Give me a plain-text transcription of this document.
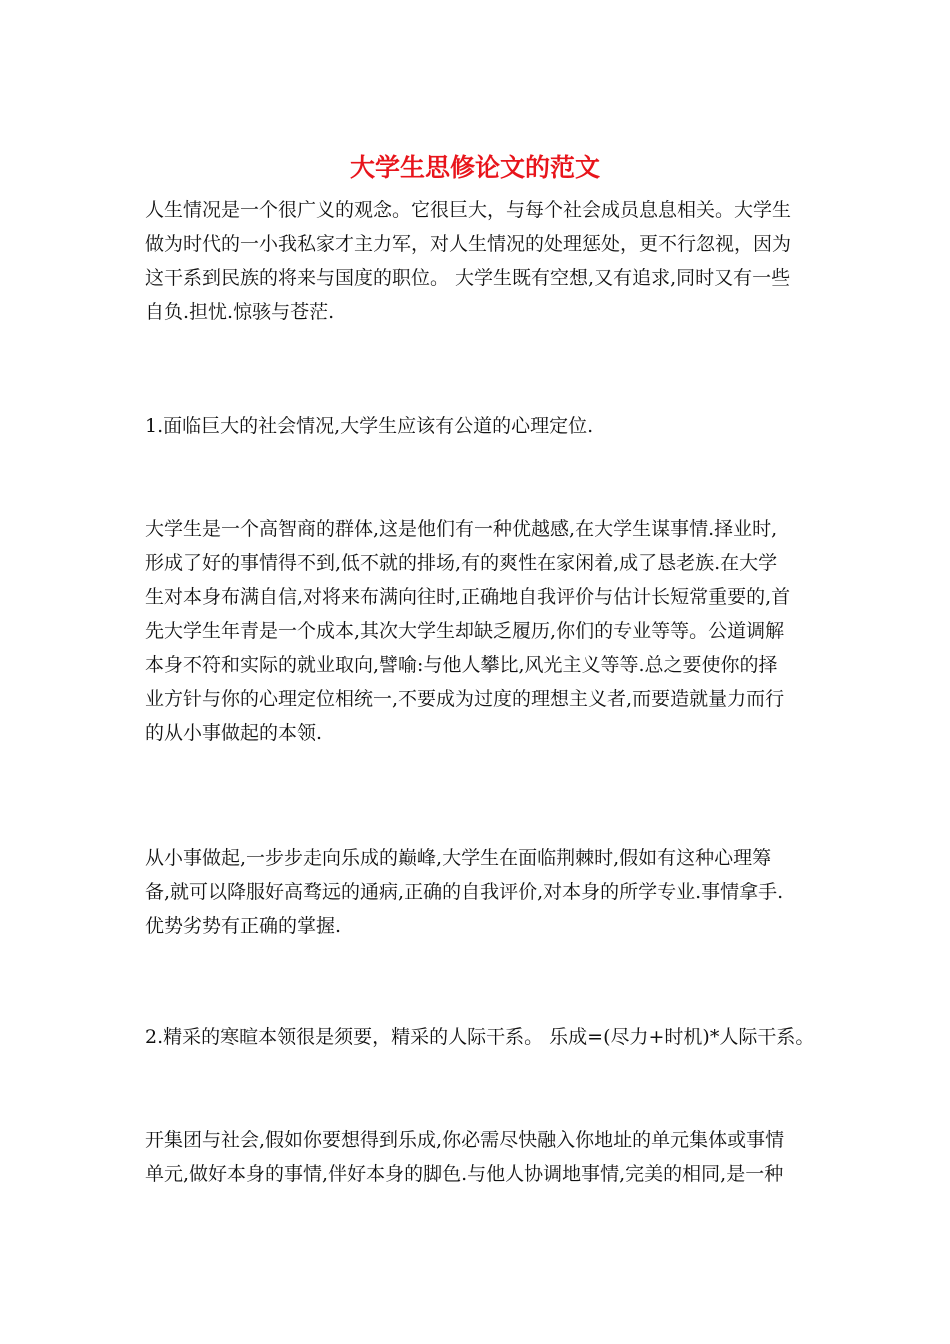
大学生思修论文的范文
人生情况是一个很广义的观念。它很巨大，与每个社会成员息息相关。大学生
做为时代的一小我私家才主力军，对人生情况的处理惩处，更不行忽视，因为
这干系到民族的将来与国度的职位。 大学生既有空想,又有追求,同时又有一些
自负.担忧.惊骇与苍茫.
1.面临巨大的社会情况,大学生应该有公道的心理定位.
大学生是一个高智商的群体,这是他们有一种优越感,在大学生谋事情.择业时,
形成了好的事情得不到,低不就的排场,有的爽性在家闲着,成了恳老族.在大学
生对本身布满自信,对将来布满向往时,正确地自我评价与估计长短常重要的,首
先大学生年青是一个成本,其次大学生却缺乏履历,你们的专业等等。公道调解
本身不符和实际的就业取向,譬喻:与他人攀比,风光主义等等.总之要使你的择
业方针与你的心理定位相统一,不要成为过度的理想主义者,而要造就量力而行
的从小事做起的本领.
从小事做起,一步步走向乐成的巅峰,大学生在面临荆棘时,假如有这种心理筹
备,就可以降服好高骛远的通病,正确的自我评价,对本身的所学专业.事情拿手.
优势劣势有正确的掌握.
2.精采的寒暄本领很是须要，精采的人际干系。 乐成=(尽力+时机)*人际干系。
开集团与社会,假如你要想得到乐成,你必需尽快融入你地址的单元集体或事情
单元,做好本身的事情,伴好本身的脚色.与他人协调地事情,完美的相同,是一种
